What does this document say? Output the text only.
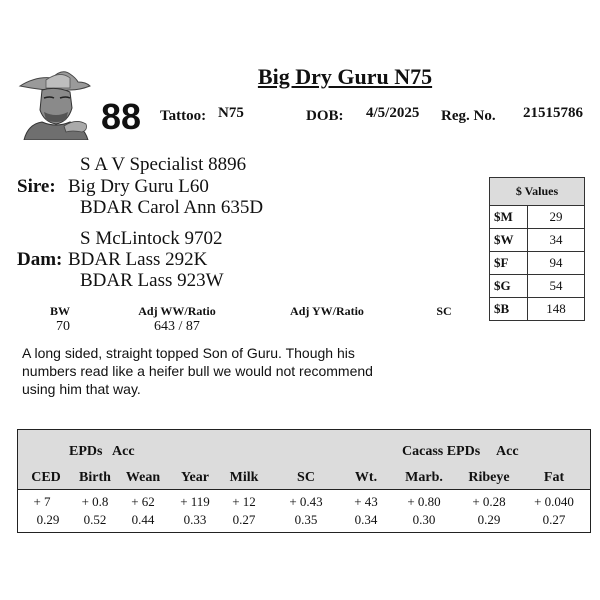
Big Dry Guru N75
88 Tattoo: N75	DOB: 4/5/2025 Reg. No. 21515786
S A V Specialist 8896
Sire: Big Dry Guru L60
BDAR Carol Ann 635D
S McLintock 9702
Dam: BDAR Lass 292K
BDAR Lass 923W
$ Values	
$M	29
$W	34
$F	94
$G	54
$B	148
BW	Adj WW/Ratio	Adj YW/Ratio	SC
70	643 / 87
A long sided, straight topped Son of Guru. Though his numbers read like a heifer bull we would not recommend using him that way.
EPDs Acc	Cacass EPDs Acc
CED	Birth	Wean	Year	Milk	SC	Wt.	Marb.	Ribeye	Fat
+ 7	+ 0.8	+ 62	+ 119	+ 12	+ 0.43	+ 43	+ 0.80	+ 0.28	+ 0.040
0.29	0.52	0.44	0.33	0.27	0.35	0.34	0.30	0.29	0.27
